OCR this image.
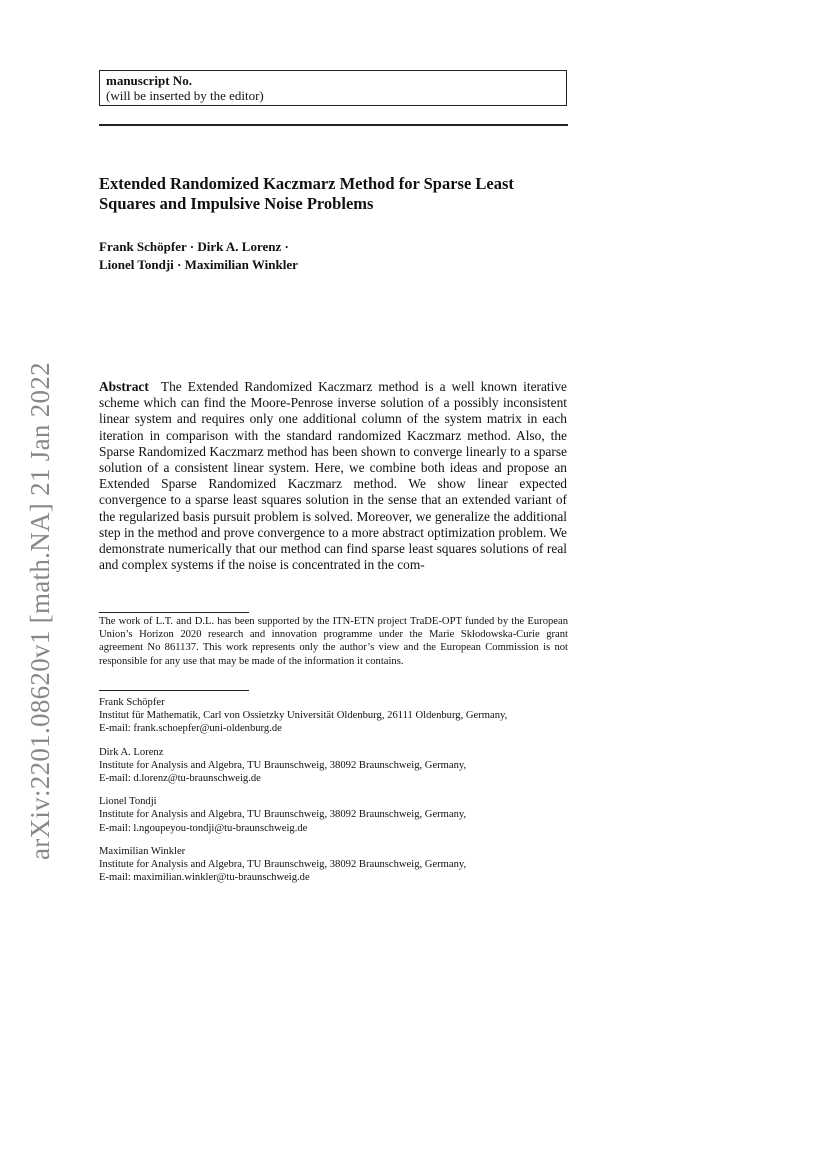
manuscript No.
(will be inserted by the editor)
Extended Randomized Kaczmarz Method for Sparse Least Squares and Impulsive Noise Problems
Frank Schöpfer · Dirk A. Lorenz ·
Lionel Tondji · Maximilian Winkler

Abstract The Extended Randomized Kaczmarz method is a well known iterative scheme which can find the Moore-Penrose inverse solution of a possibly inconsistent linear system and requires only one additional column of the system matrix in each iteration in comparison with the standard randomized Kaczmarz method. Also, the Sparse Randomized Kaczmarz method has been shown to converge linearly to a sparse solution of a consistent linear system. Here, we combine both ideas and propose an Extended Sparse Randomized Kaczmarz method. We show linear expected convergence to a sparse least squares solution in the sense that an extended variant of the regularized basis pursuit problem is solved. Moreover, we generalize the additional step in the method and prove convergence to a more abstract optimization problem. We demonstrate numerically that our method can find sparse least squares solutions of real and complex systems if the noise is concentrated in the com-

The work of L.T. and D.L. has been supported by the ITN-ETN project TraDE-OPT funded by the European Union’s Horizon 2020 research and innovation programme under the Marie Skłodowska-Curie grant agreement No 861137. This work represents only the author’s view and the European Commission is not responsible for any use that may be made of the information it contains.

Frank Schöpfer
Institut für Mathematik, Carl von Ossietzky Universität Oldenburg, 26111 Oldenburg, Germany,
E-mail: frank.schoepfer@uni-oldenburg.de
Dirk A. Lorenz
Institute for Analysis and Algebra, TU Braunschweig, 38092 Braunschweig, Germany,
E-mail: d.lorenz@tu-braunschweig.de
Lionel Tondji
Institute for Analysis and Algebra, TU Braunschweig, 38092 Braunschweig, Germany,
E-mail: l.ngoupeyou-tondji@tu-braunschweig.de
Maximilian Winkler
Institute for Analysis and Algebra, TU Braunschweig, 38092 Braunschweig, Germany,
E-mail: maximilian.winkler@tu-braunschweig.de
arXiv:2201.08620v1 [math.NA] 21 Jan 2022
